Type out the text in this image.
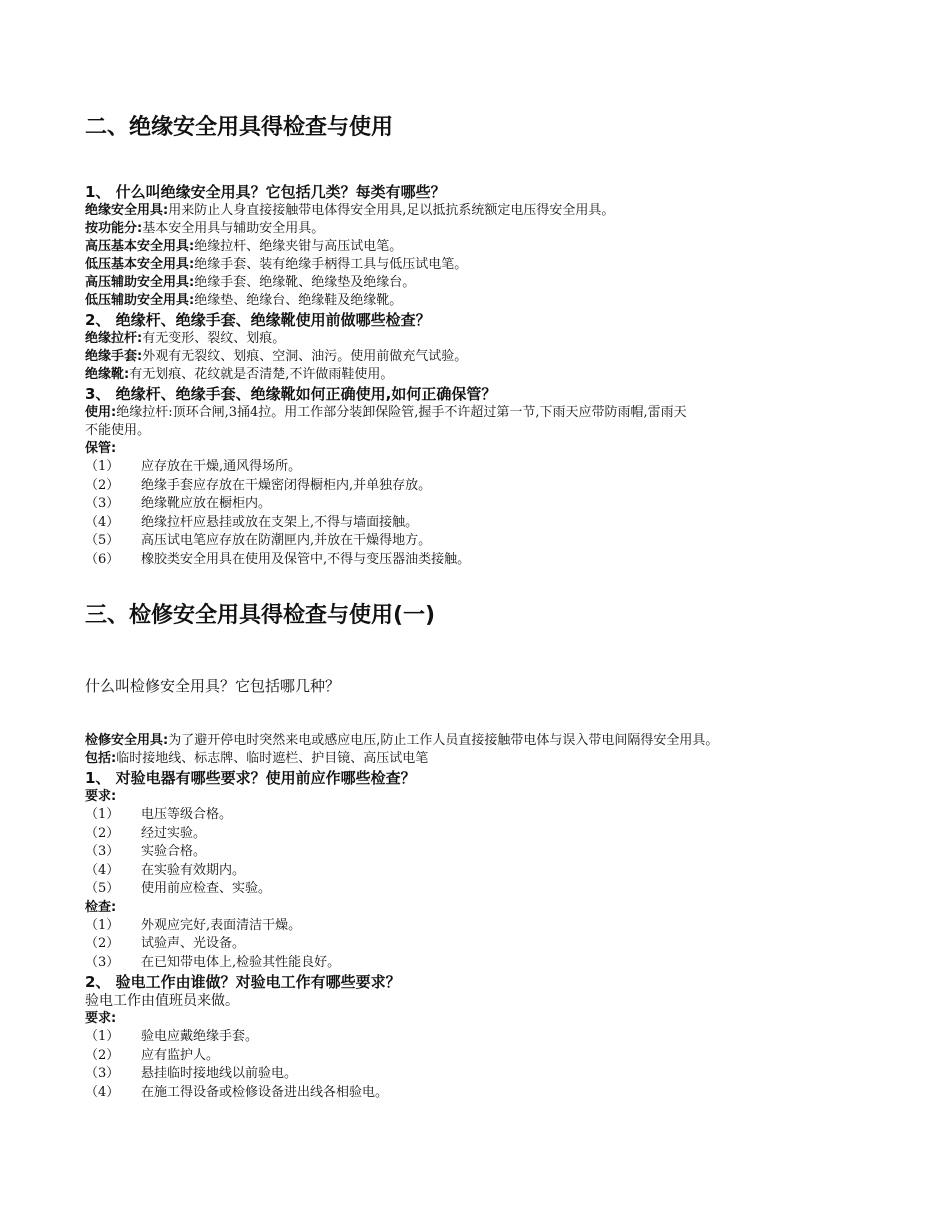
二、绝缘安全用具得检查与使用
1、 什么叫绝缘安全用具？它包括几类？每类有哪些？
绝缘安全用具:用来防止人身直接接触带电体得安全用具,足以抵抗系统额定电压得安全用具。
按功能分:基本安全用具与辅助安全用具。
高压基本安全用具:绝缘拉杆、绝缘夹钳与高压试电笔。
低压基本安全用具:绝缘手套、装有绝缘手柄得工具与低压试电笔。
高压辅助安全用具:绝缘手套、绝缘靴、绝缘垫及绝缘台。
低压辅助安全用具:绝缘垫、绝缘台、绝缘鞋及绝缘靴。
2、 绝缘杆、绝缘手套、绝缘靴使用前做哪些检查？
绝缘拉杆:有无变形、裂纹、划痕。
绝缘手套:外观有无裂纹、划痕、空洞、油污。使用前做充气试验。
绝缘靴:有无划痕、花纹就是否清楚,不许做雨鞋使用。
3、 绝缘杆、绝缘手套、绝缘靴如何正确使用,如何正确保管？
使用:绝缘拉杆:顶环合闸,3捅4拉。用工作部分装卸保险管,握手不许超过第一节,下雨天应带防雨帽,雷雨天
不能使用。
保管:
（1）	应存放在干燥,通风得场所。
（2）	绝缘手套应存放在干燥密闭得橱柜内,并单独存放。
（3）	绝缘靴应放在橱柜内。
（4）	绝缘拉杆应悬挂或放在支架上,不得与墙面接触。
（5）	高压试电笔应存放在防潮匣内,并放在干燥得地方。
（6）	橡胶类安全用具在使用及保管中,不得与变压器油类接触。
三、检修安全用具得检查与使用(一)
什么叫检修安全用具？它包括哪几种？
检修安全用具:为了避开停电时突然来电或感应电压,防止工作人员直接接触带电体与误入带电间隔得安全用具。
包括:临时接地线、标志牌、临时遮栏、护目镜、高压试电笔
1、 对验电器有哪些要求？使用前应作哪些检查？
要求:
（1）	电压等级合格。
（2）	经过实验。
（3）	实验合格。
（4）	在实验有效期内。
（5）	使用前应检查、实验。
检查:
（1）	外观应完好,表面清洁干燥。
（2）	试验声、光设备。
（3）	在已知带电体上,检验其性能良好。
2、 验电工作由谁做？对验电工作有哪些要求？
验电工作由值班员来做。
要求:
（1）	验电应戴绝缘手套。
（2）	应有监护人。
（3）	悬挂临时接地线以前验电。
（4）	在施工得设备或检修设备进出线各相验电。
